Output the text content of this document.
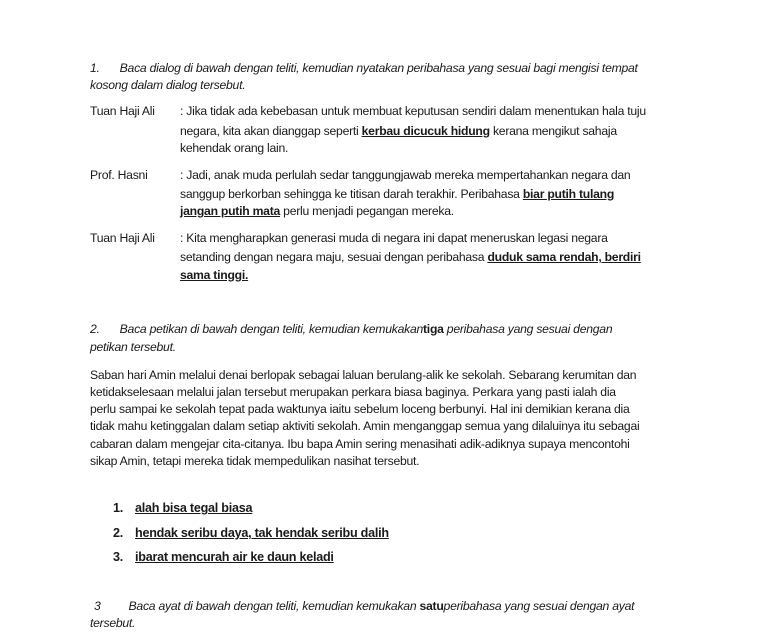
1. Baca dialog di bawah dengan teliti, kemudian nyatakan peribahasa yang sesuai bagi mengisi tempat
kosong dalam dialog tersebut.
Tuan Haji Ali : Jika tidak ada kebebasan untuk membuat keputusan sendiri dalam menentukan hala tuju
negara, kita akan dianggap seperti kerbau dicucuk hidung kerana mengikut sahaja
kehendak orang lain.
Prof. Hasni	: Jadi, anak muda perlulah sedar tanggungjawab mereka mempertahankan negara dan
sanggup berkorban sehingga ke titisan darah terakhir. Peribahasa biar putih tulang
jangan putih mata perlu menjadi pegangan mereka.
Tuan Haji Ali : Kita mengharapkan generasi muda di negara ini dapat meneruskan legasi negara
setanding dengan negara maju, sesuai dengan peribahasa duduk sama rendah, berdiri
sama tinggi.
2. Baca petikan di bawah dengan teliti, kemudian kemukakantiga peribahasa yang sesuai dengan
petikan tersebut.
Saban hari Amin melalui denai berlopak sebagai laluan berulang-alik ke sekolah. Sebarang kerumitan dan
ketidakselesaan melalui jalan tersebut merupakan perkara biasa baginya. Perkara yang pasti ialah dia
perlu sampai ke sekolah tepat pada waktunya iaitu sebelum loceng berbunyi. Hal ini demikian kerana dia
tidak mahu ketinggalan dalam setiap aktiviti sekolah. Amin menganggap semua yang dilaluinya itu sebagai
cabaran dalam mengejar cita-citanya. Ibu bapa Amin sering menasihati adik-adiknya supaya mencontohi
sikap Amin, tetapi mereka tidak mempedulikan nasihat tersebut.
1. alah bisa tegal biasa
2. hendak seribu daya, tak hendak seribu dalih
3. ibarat mencurah air ke daun keladi
3 Baca ayat di bawah dengan teliti, kemudian kemukakan satuperibahasa yang sesuai dengan ayat
tersebut.
